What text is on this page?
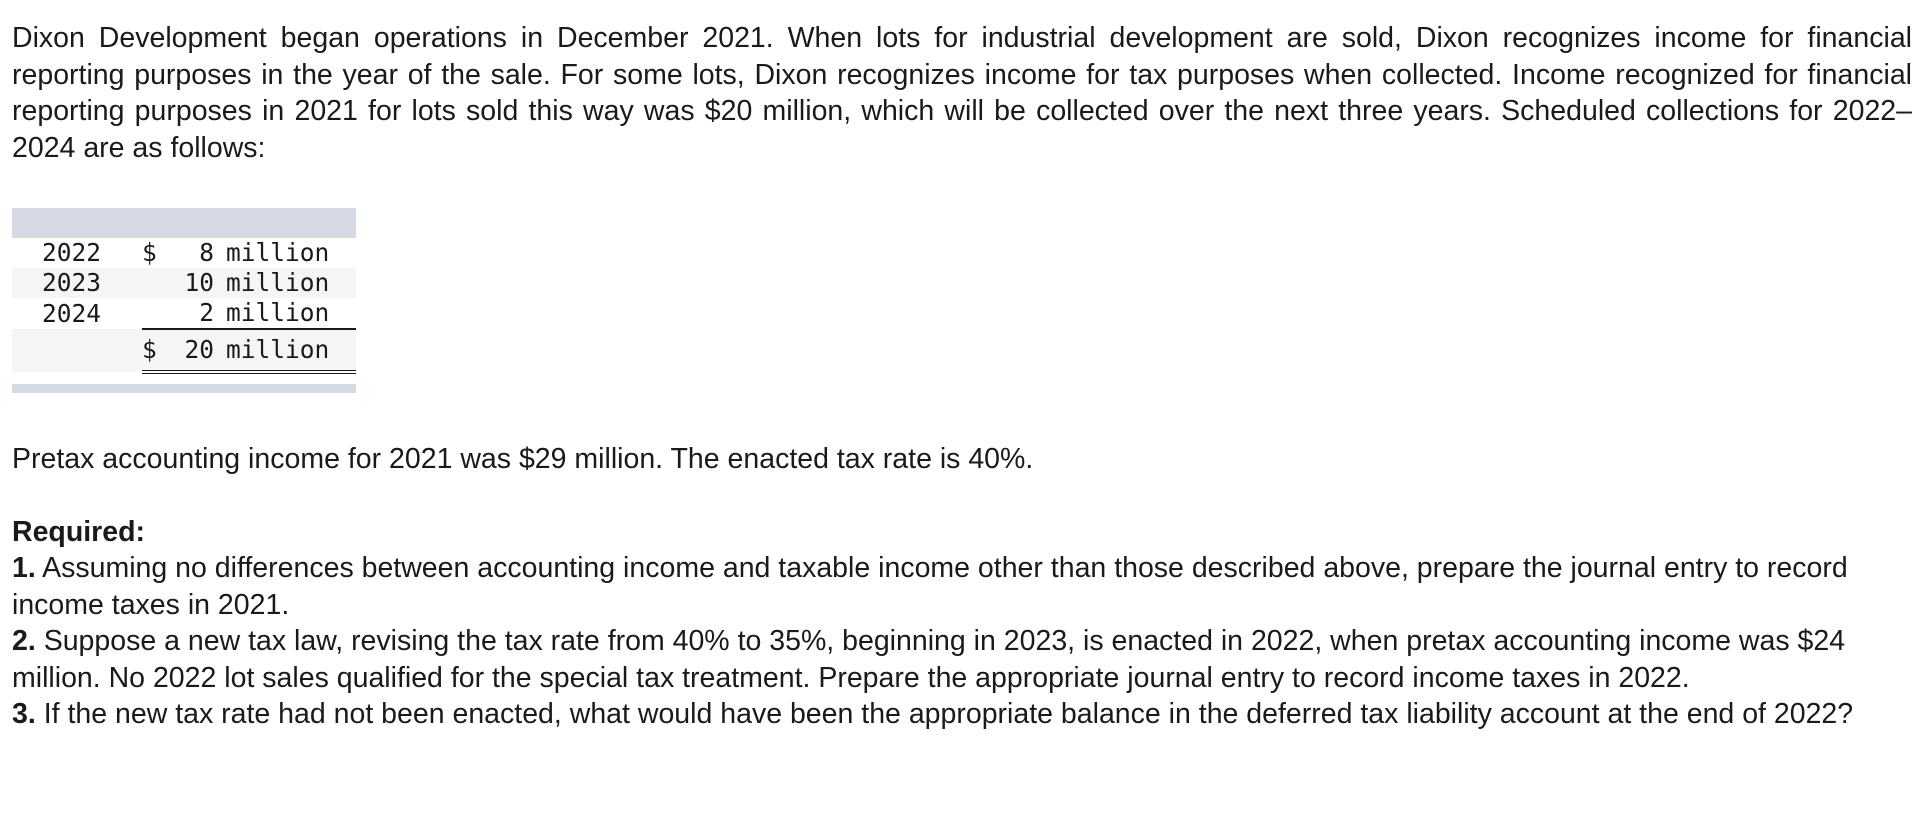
Dixon Development began operations in December 2021. When lots for industrial development are sold, Dixon recognizes income for financial reporting purposes in the year of the sale. For some lots, Dixon recognizes income for tax purposes when collected. Income recognized for financial reporting purposes in 2021 for lots sold this way was $20 million, which will be collected over the next three years. Scheduled collections for 2022–2024 are as follows:

2022	$	8	million
2023		10	million
2024		2	million
	$	20	million

Pretax accounting income for 2021 was $29 million. The enacted tax rate is 40%.

Required:

1. Assuming no differences between accounting income and taxable income other than those described above, prepare the journal entry to record income taxes in 2021.

2. Suppose a new tax law, revising the tax rate from 40% to 35%, beginning in 2023, is enacted in 2022, when pretax accounting income was $24 million. No 2022 lot sales qualified for the special tax treatment. Prepare the appropriate journal entry to record income taxes in 2022.

3. If the new tax rate had not been enacted, what would have been the appropriate balance in the deferred tax liability account at the end of 2022?
